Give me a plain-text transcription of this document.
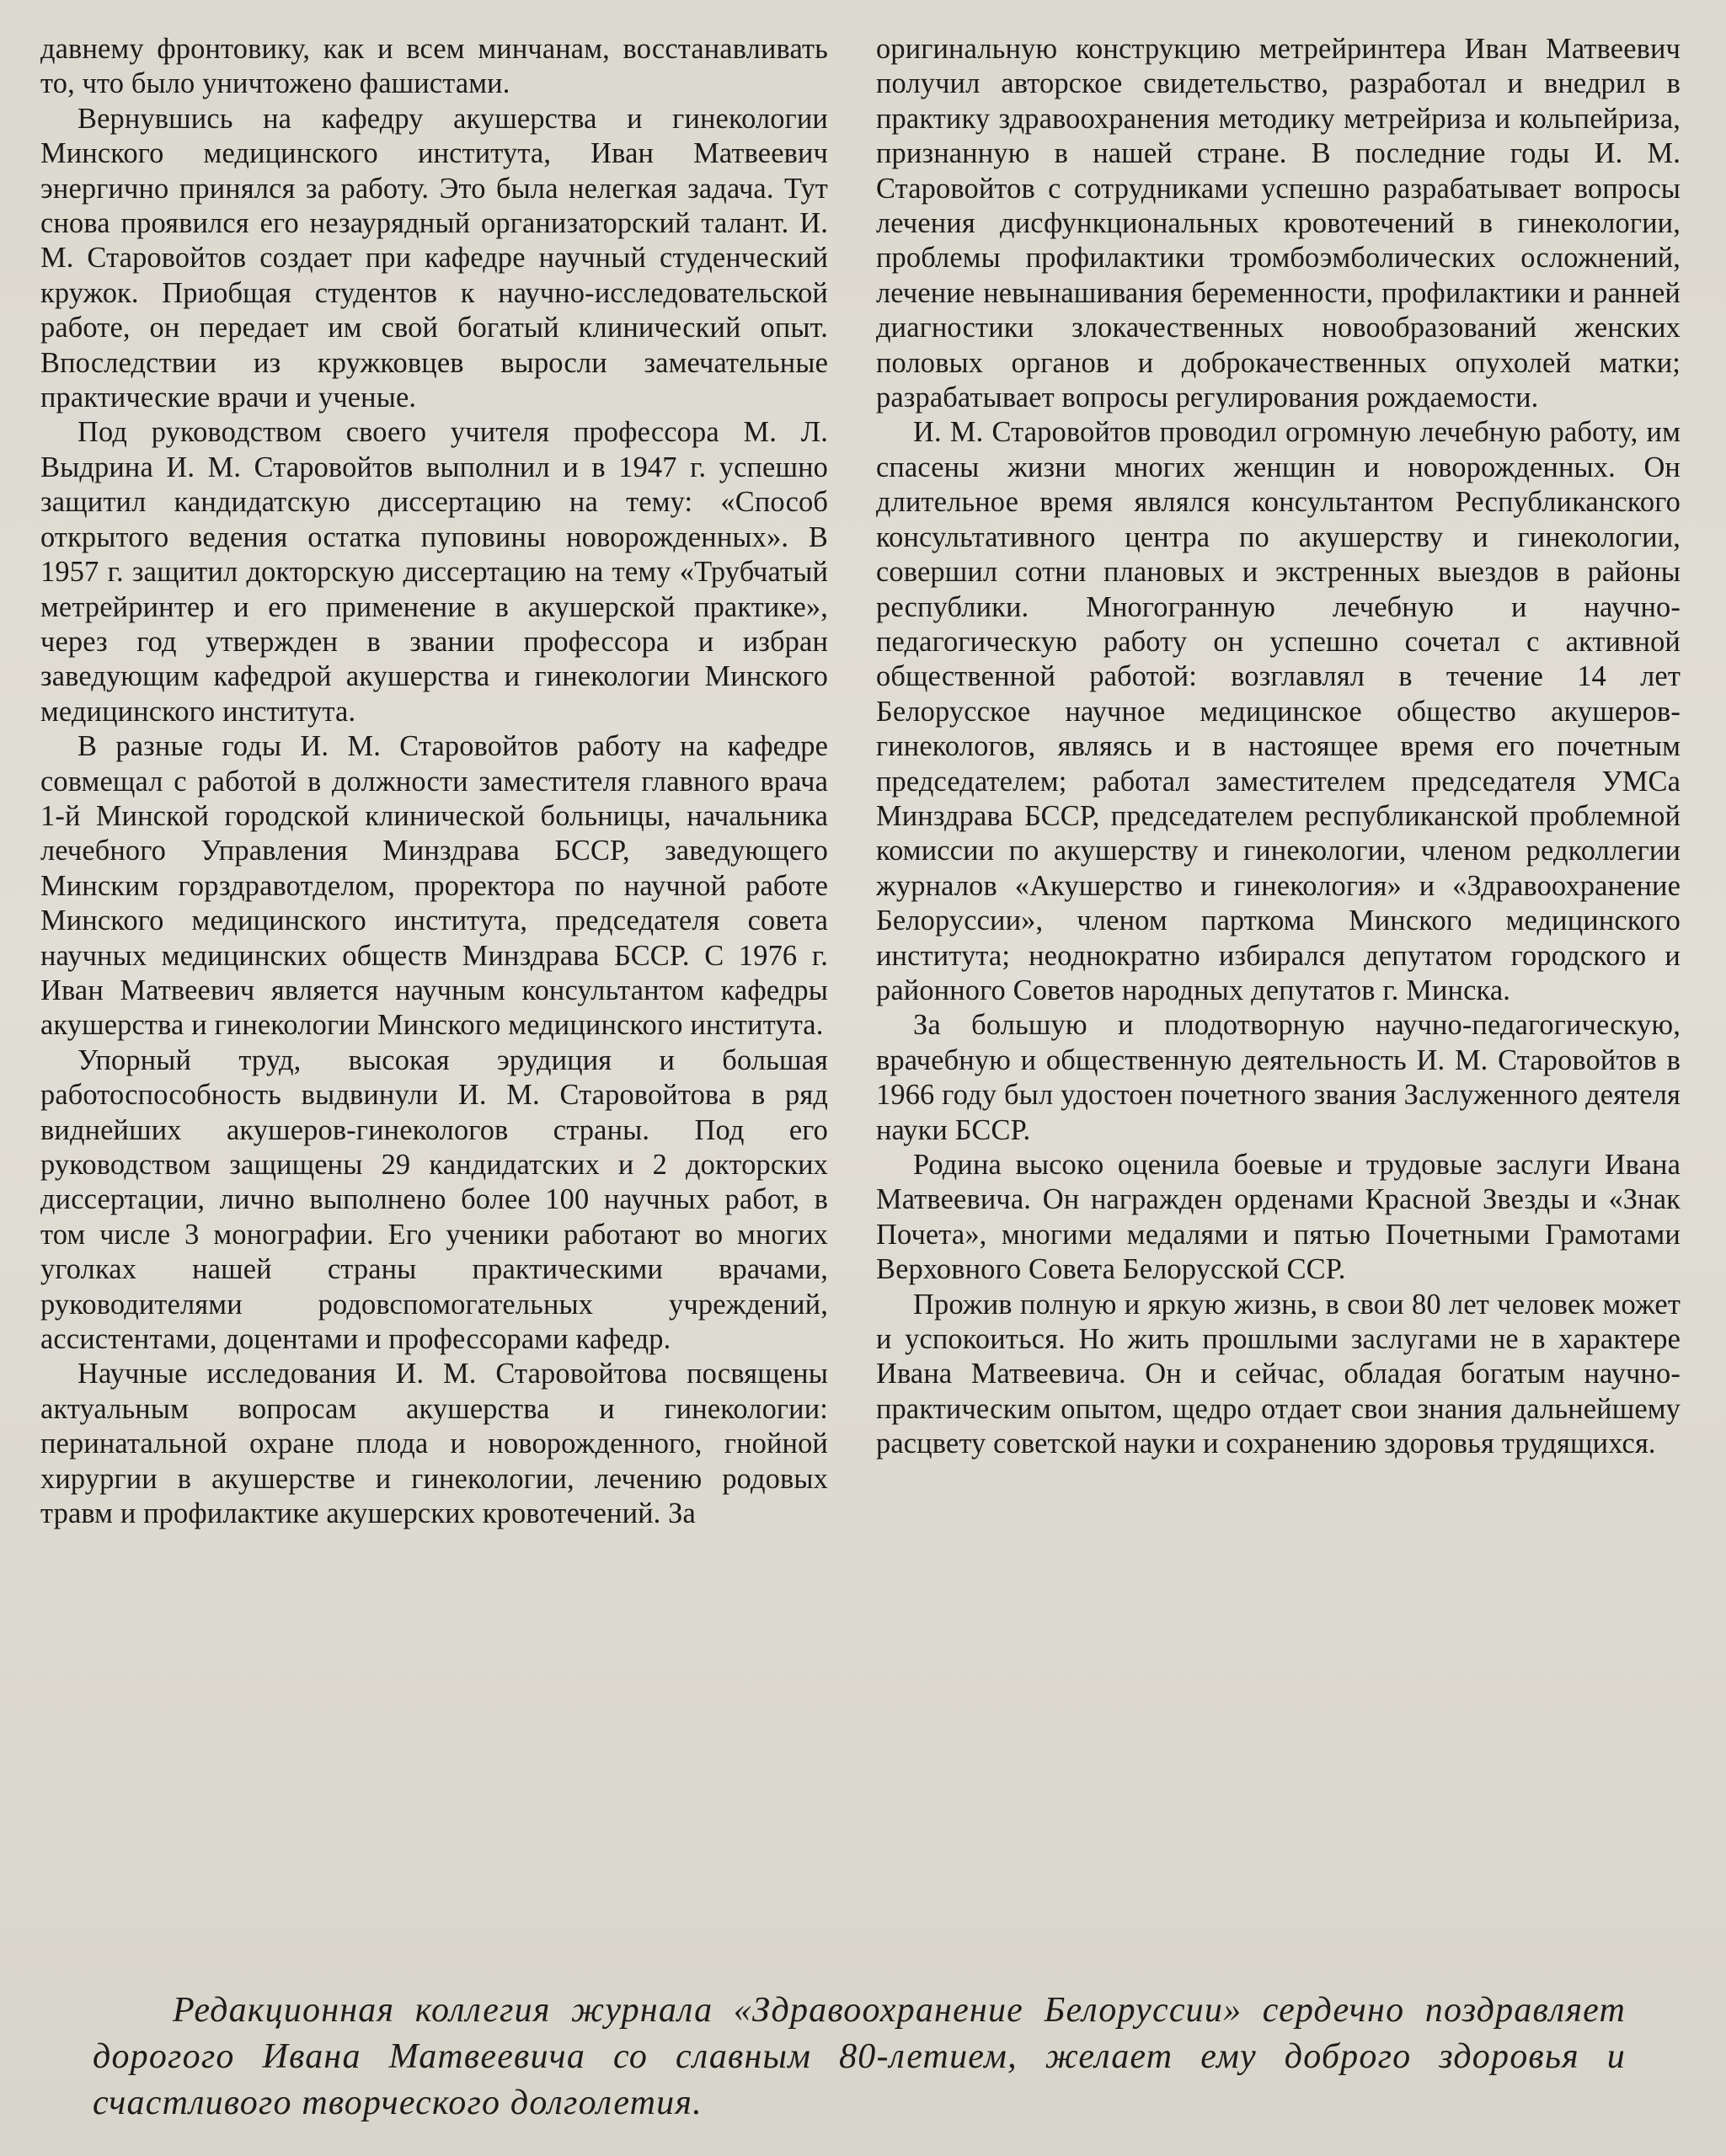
давнему фронтовику, как и всем минчанам, восстанавливать то, что было уничтожено фашистами.

Вернувшись на кафедру акушерства и гинекологии Минского медицинского института, Иван Матвеевич энергично принялся за работу. Это была нелегкая задача. Тут снова проявился его незаурядный организаторский талант. И. М. Старовойтов создает при кафедре научный студенческий кружок. Приобщая студентов к научно-исследовательской работе, он передает им свой богатый клинический опыт. Впоследствии из кружковцев выросли замечательные практические врачи и ученые.

Под руководством своего учителя профессора М. Л. Выдрина И. М. Старовойтов выполнил и в 1947 г. успешно защитил кандидатскую диссертацию на тему: «Способ открытого ведения остатка пуповины новорожденных». В 1957 г. защитил докторскую диссертацию на тему «Трубчатый метрейринтер и его применение в акушерской практике», через год утвержден в звании профессора и избран заведующим кафедрой акушерства и гинекологии Минского медицинского института.

В разные годы И. М. Старовойтов работу на кафедре совмещал с работой в должности заместителя главного врача 1-й Минской городской клинической больницы, начальника лечебного Управления Минздрава БССР, заведующего Минским горздравотделом, проректора по научной работе Минского медицинского института, председателя совета научных медицинских обществ Минздрава БССР. С 1976 г. Иван Матвеевич является научным консультантом кафедры акушерства и гинекологии Минского медицинского института.

Упорный труд, высокая эрудиция и большая работоспособность выдвинули И. М. Старовойтова в ряд виднейших акушеров-гинекологов страны. Под его руководством защищены 29 кандидатских и 2 докторских диссертации, лично выполнено более 100 научных работ, в том числе 3 монографии. Его ученики работают во многих уголках нашей страны практическими врачами, руководителями родовспомогательных учреждений, ассистентами, доцентами и профессорами кафедр.

Научные исследования И. М. Старовойтова посвящены актуальным вопросам акушерства и гинекологии: перинатальной охране плода и новорожденного, гнойной хирургии в акушерстве и гинекологии, лечению родовых травм и профилактике акушерских кровотечений. За

оригинальную конструкцию метрейринтера Иван Матвеевич получил авторское свидетельство, разработал и внедрил в практику здравоохранения методику метрейриза и кольпейриза, признанную в нашей стране. В последние годы И. М. Старовойтов с сотрудниками успешно разрабатывает вопросы лечения дисфункциональных кровотечений в гинекологии, проблемы профилактики тромбоэмболических осложнений, лечение невынашивания беременности, профилактики и ранней диагностики злокачественных новообразований женских половых органов и доброкачественных опухолей матки; разрабатывает вопросы регулирования рождаемости.

И. М. Старовойтов проводил огромную лечебную работу, им спасены жизни многих женщин и новорожденных. Он длительное время являлся консультантом Республиканского консультативного центра по акушерству и гинекологии, совершил сотни плановых и экстренных выездов в районы республики. Многогранную лечебную и научно-педагогическую работу он успешно сочетал с активной общественной работой: возглавлял в течение 14 лет Белорусское научное медицинское общество акушеров-гинекологов, являясь и в настоящее время его почетным председателем; работал заместителем председателя УМСа Минздрава БССР, председателем республиканской проблемной комиссии по акушерству и гинекологии, членом редколлегии журналов «Акушерство и гинекология» и «Здравоохранение Белоруссии», членом парткома Минского медицинского института; неоднократно избирался депутатом городского и районного Советов народных депутатов г. Минска.

За большую и плодотворную научно-педагогическую, врачебную и общественную деятельность И. М. Старовойтов в 1966 году был удостоен почетного звания Заслуженного деятеля науки БССР.

Родина высоко оценила боевые и трудовые заслуги Ивана Матвеевича. Он награжден орденами Красной Звезды и «Знак Почета», многими медалями и пятью Почетными Грамотами Верховного Совета Белорусской ССР.

Прожив полную и яркую жизнь, в свои 80 лет человек может и успокоиться. Но жить прошлыми заслугами не в характере Ивана Матвеевича. Он и сейчас, обладая богатым научно-практическим опытом, щедро отдает свои знания дальнейшему расцвету советской науки и сохранению здоровья трудящихся.

Редакционная коллегия журнала «Здравоохранение Белоруссии» сердечно поздравляет дорогого Ивана Матвеевича со славным 80-летием, желает ему доброго здоровья и счастливого творческого долголетия.
